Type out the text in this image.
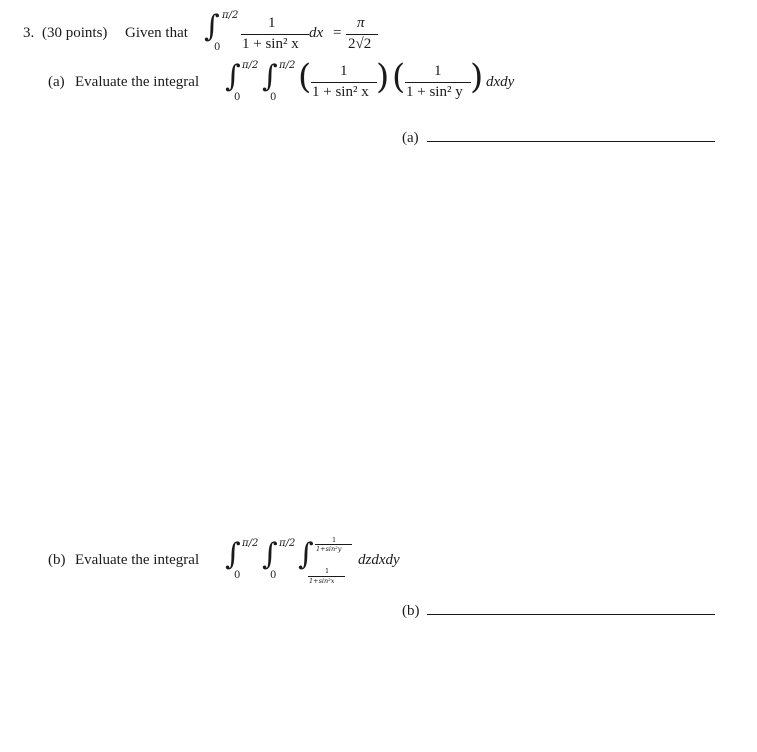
3. (30 points) Given that ∫ π/2
0
1
1 + sin² x
dx =
π
2√2
(a) Evaluate the integral ∫ π/2
0
∫ π/2
0
( 1
1 + sin² x ) ( 1
1 + sin² y ) dxdy
(a)
(b) Evaluate the integral ∫ π/2
0
∫ π/2
0
∫	1
1+sin²y
1
1+sin²x
dzdxdy
(b)
